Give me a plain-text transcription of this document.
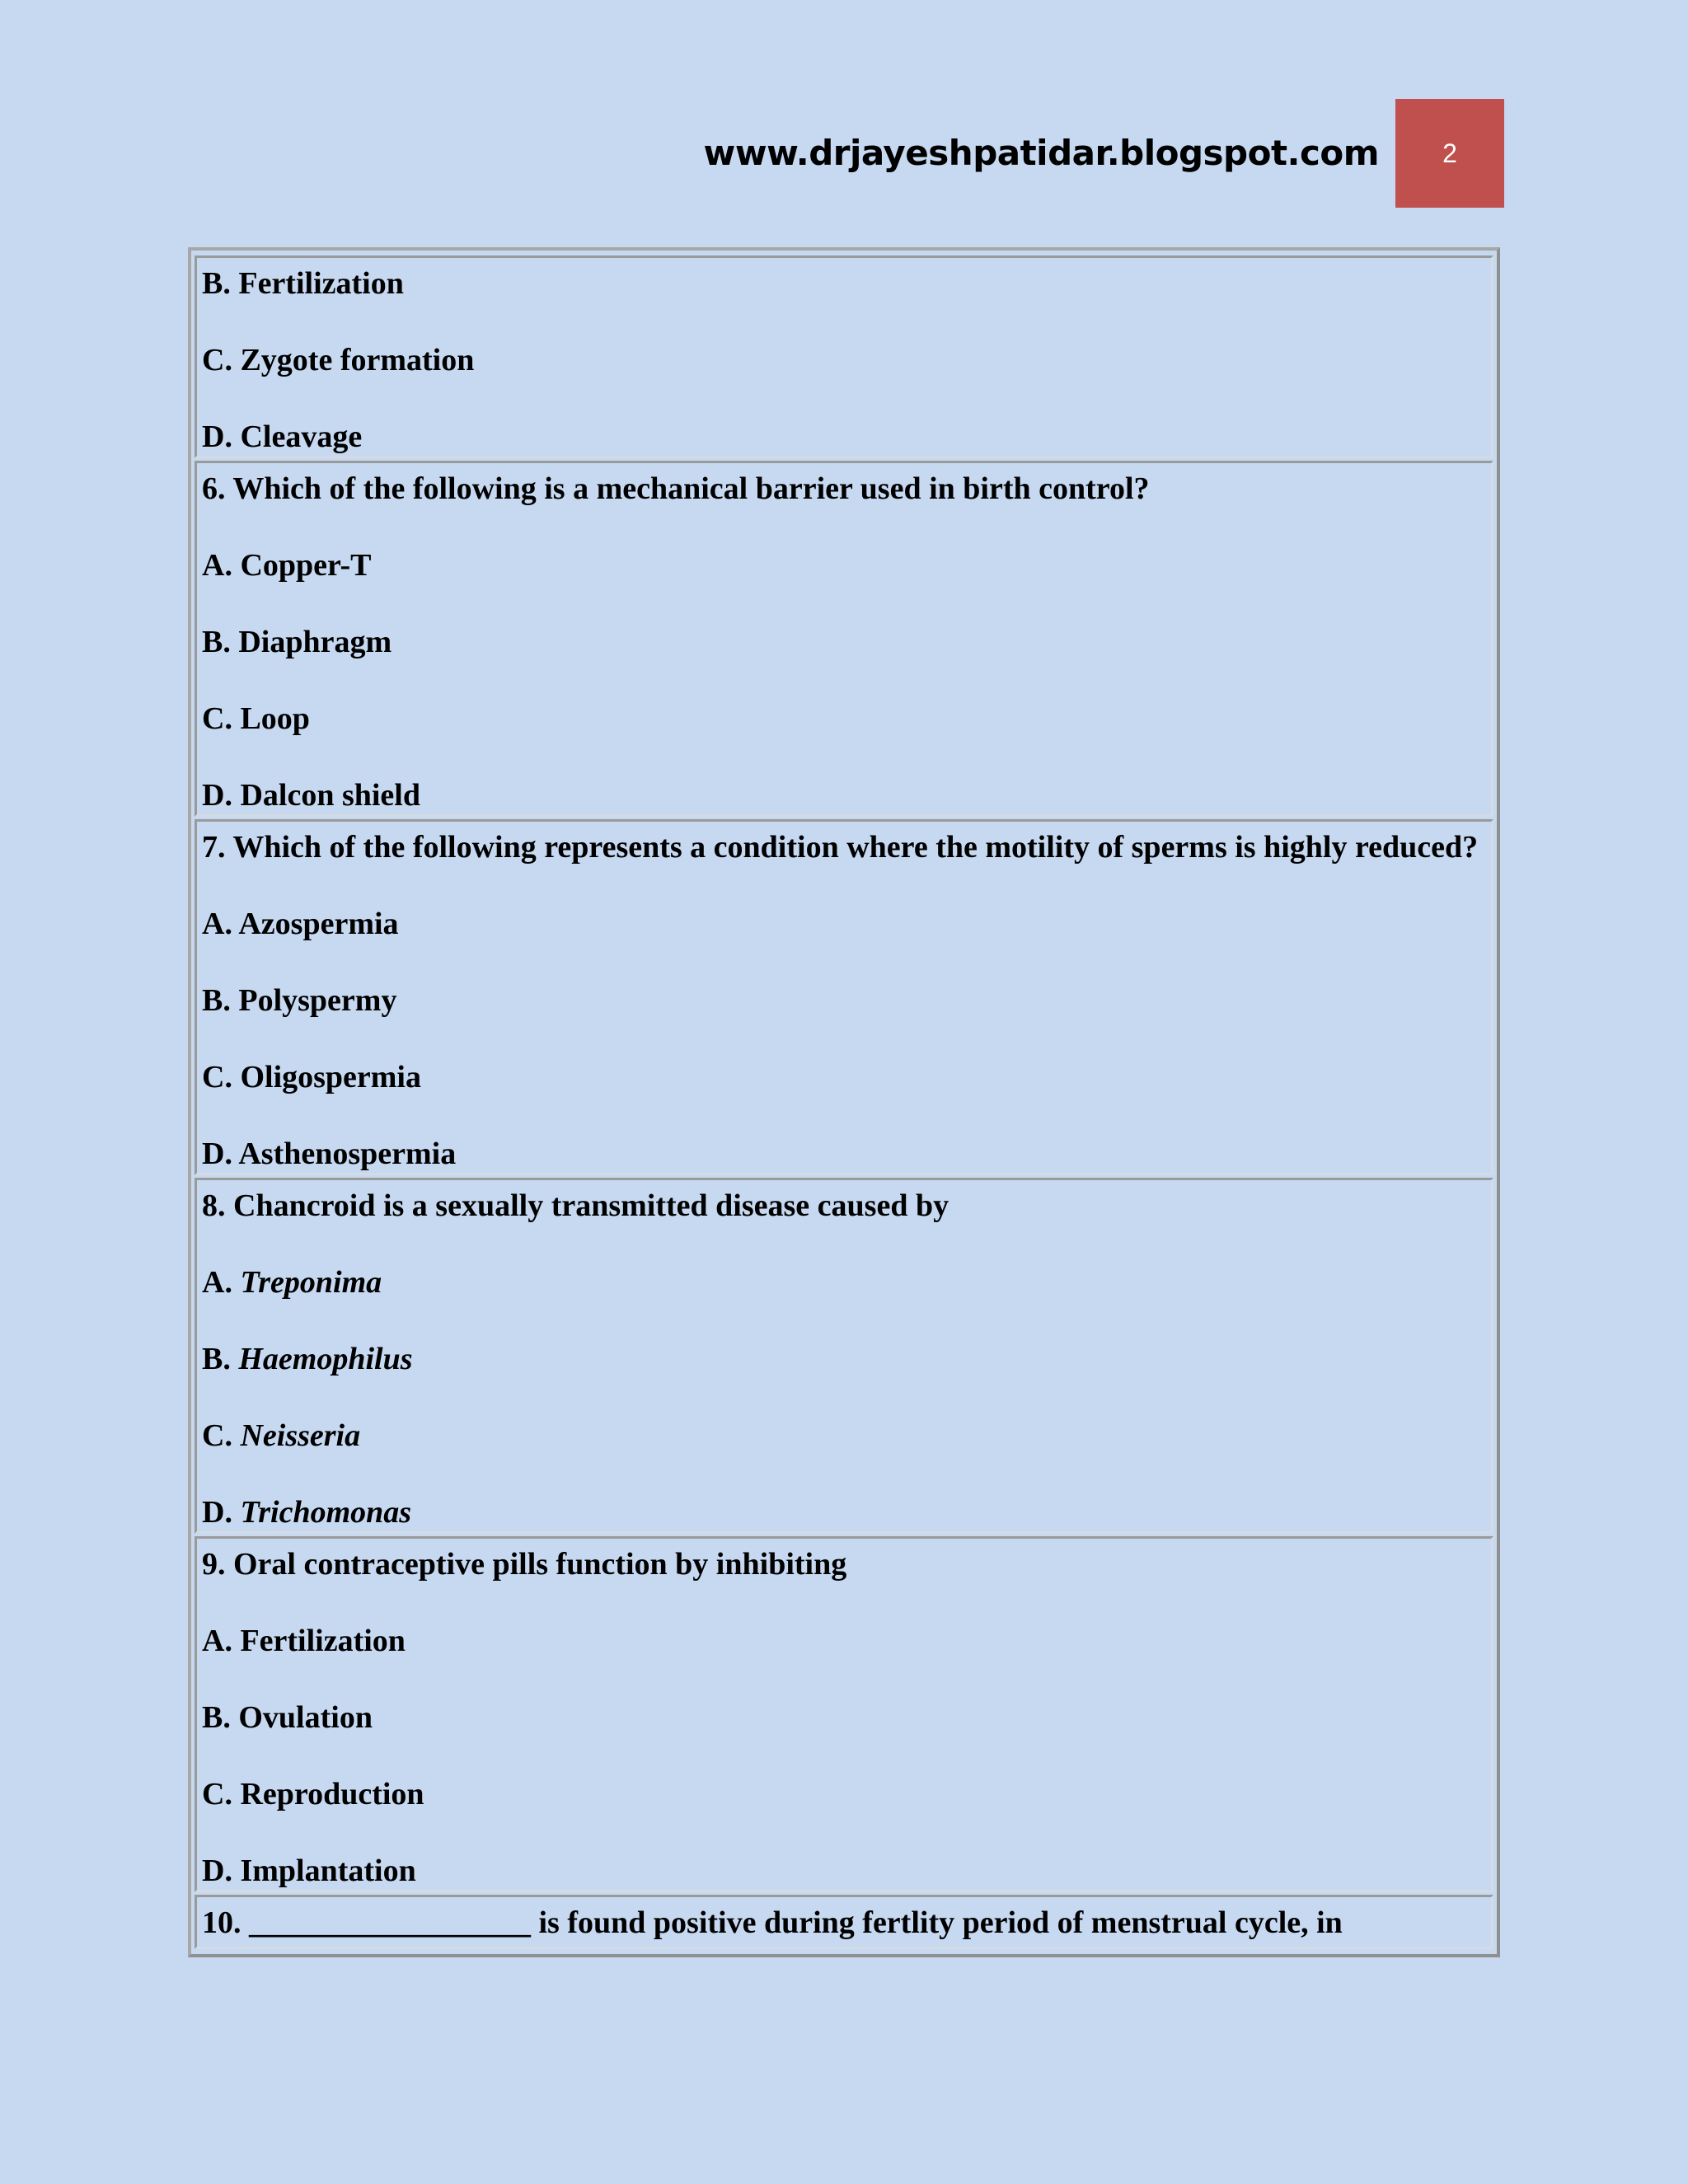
www.drjayeshpatidar.blogspot.com	2

B. Fertilization

C. Zygote formation

D. Cleavage

6. Which of the following is a mechanical barrier used in birth control?

A. Copper-T

B. Diaphragm

C. Loop

D. Dalcon shield

7. Which of the following represents a condition where the motility of sperms is highly reduced?

A. Azospermia

B. Polyspermy

C. Oligospermia

D. Asthenospermia

8. Chancroid is a sexually transmitted disease caused by

A. Treponima

B. Haemophilus

C. Neisseria

D. Trichomonas

9. Oral contraceptive pills function by inhibiting

A. Fertilization

B. Ovulation

C. Reproduction

D. Implantation

10. __________________ is found positive during fertlity period of menstrual cycle, in
